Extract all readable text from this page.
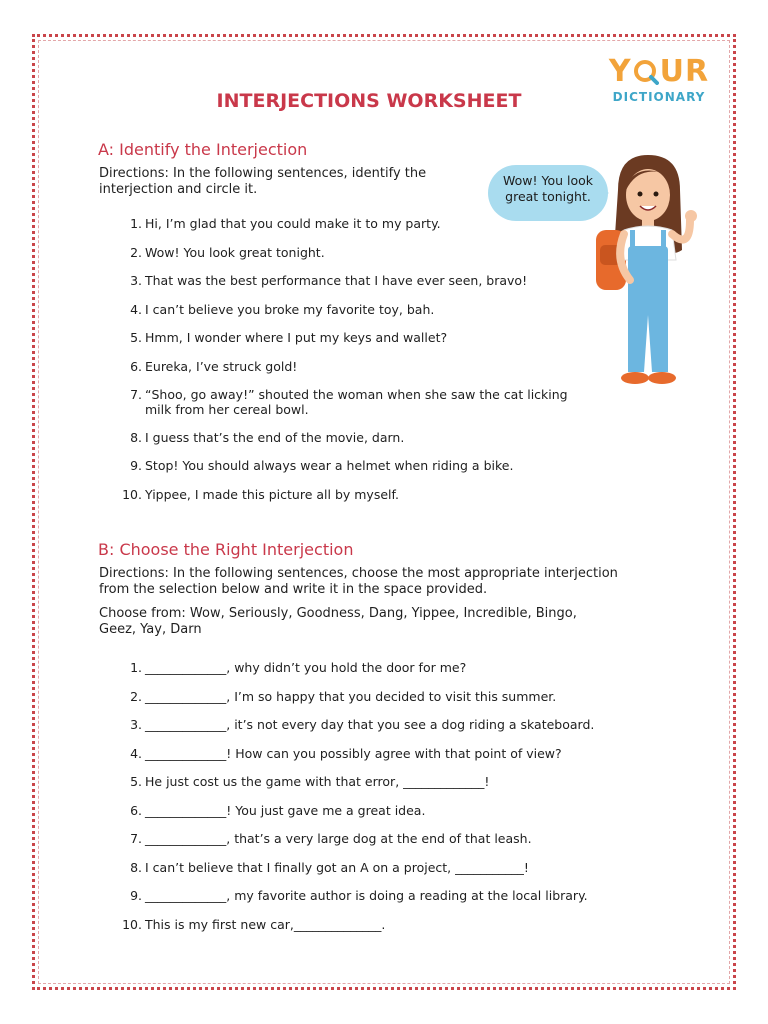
Y UR
DICTIONARY
INTERJECTIONS WORKSHEET
A: Identify the Interjection
Directions: In the following sentences, identify the
interjection and circle it.
1. Hi, I’m glad that you could make it to my party.
2. Wow! You look great tonight.
3. That was the best performance that I have ever seen, bravo!
4. I can’t believe you broke my favorite toy, bah.
5. Hmm, I wonder where I put my keys and wallet?
6. Eureka, I’ve struck gold!
7. “Shoo, go away!” shouted the woman when she saw the cat licking
milk from her cereal bowl.
8. I guess that’s the end of the movie, darn.
9. Stop! You should always wear a helmet when riding a bike.
10. Yippee, I made this picture all by myself.
Wow! You look
great tonight.
B: Choose the Right Interjection
Directions: In the following sentences, choose the most appropriate interjection
from the selection below and write it in the space provided.
Choose from: Wow, Seriously, Goodness, Dang, Yippee, Incredible, Bingo,
Geez, Yay, Darn
1. _____________, why didn’t you hold the door for me?
2. _____________, I’m so happy that you decided to visit this summer.
3. _____________, it’s not every day that you see a dog riding a skateboard.
4. _____________! How can you possibly agree with that point of view?
5. He just cost us the game with that error, _____________!
6. _____________! You just gave me a great idea.
7. _____________, that’s a very large dog at the end of that leash.
8. I can’t believe that I finally got an A on a project, ___________!
9. _____________, my favorite author is doing a reading at the local library.
10. This is my first new car,______________.
